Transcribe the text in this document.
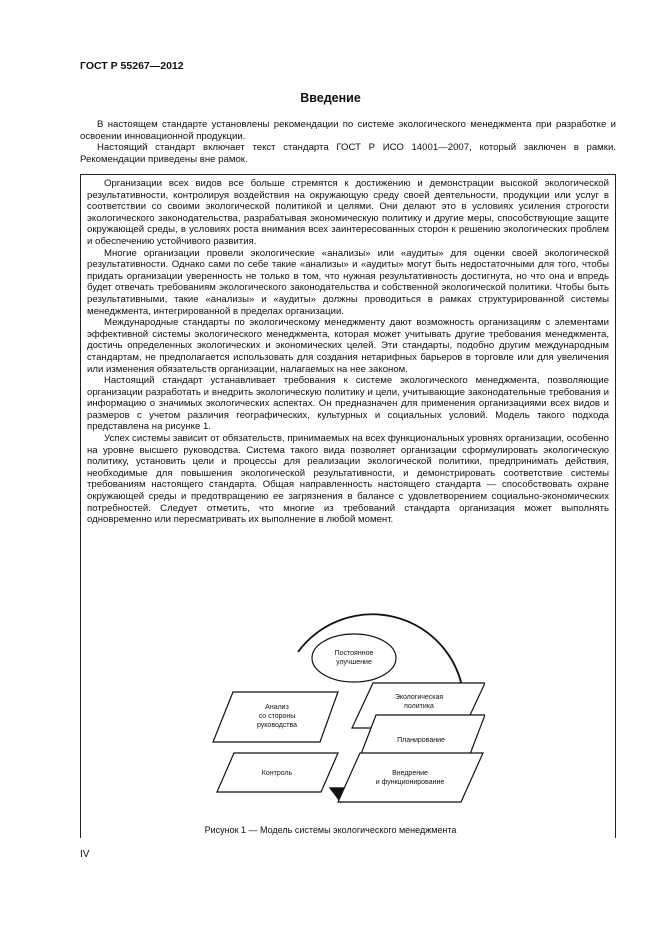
ГОСТ Р 55267—2012
Введение

В настоящем стандарте установлены рекомендации по системе экологического менеджмента при разработке и освоении инновационной продукции.

Настоящий стандарт включает текст стандарта ГОСТ Р ИСО 14001—2007, который заключен в рамки. Рекомендации приведены вне рамок.

Организации всех видов все больше стремятся к достижению и демонстрации высокой экологической результативности, контролируя воздействия на окружающую среду своей деятельности, продукции или услуг в соответствии со своими экологической политикой и целями. Они делают это в условиях усиления строгости экологического законодательства, разрабатывая экономическую политику и другие меры, способствующие защите окружающей среды, в условиях роста внимания всех заинтересованных сторон к решению экологических проблем и обеспечению устойчивого развития.

Многие организации провели экологические «анализы» или «аудиты» для оценки своей экологической результативности. Однако сами по себе такие «анализы» и «аудиты» могут быть недостаточными для того, чтобы придать организации уверенность не только в том, что нужная результативность достигнута, но что она и впредь будет отвечать требованиям экологического законодательства и собственной экологической политики. Чтобы быть результативными, такие «анализы» и «аудиты» должны проводиться в рамках структурированной системы менеджмента, интегрированной в пределах организации.

Международные стандарты по экологическому менеджменту дают возможность организациям с элементами эффективной системы экологического менеджмента, которая может учитывать другие требования менеджмента, достичь определенных экологических и экономических целей. Эти стандарты, подобно другим международным стандартам, не предполагается использовать для создания нетарифных барьеров в торговле или для увеличения или изменения обязательств организации, налагаемых на нее законом.

Настоящий стандарт устанавливает требования к системе экологического менеджмента, позволяющие организации разработать и внедрить экологическую политику и цели, учитывающие законодательные требования и информацию о значимых экологических аспектах. Он предназначен для применения организациями всех видов и размеров с учетом различия географических, культурных и социальных условий. Модель такого подхода представлена на рисунке 1.

Успех системы зависит от обязательств, принимаемых на всех функциональных уровнях организации, особенно на уровне высшего руководства. Система такого вида позволяет организации сформулировать экологическую политику, установить цели и процессы для реализации экологической политики, предпринимать действия, необходимые для повышения экологической результативности, и демонстрировать соответствие системы требованиям настоящего стандарта. Общая направленность настоящего стандарта — способствовать охране окружающей среды и предотвращению ее загрязнения в балансе с удовлетворением социально-экономических потребностей. Следует отметить, что многие из требований стандарта организация может выполнять одновременно или пересматривать их выполнение в любой момент.

Постоянное
улучшение
Экологическая
политика
Планирование
Внедрение
и функционирование
Анализ
со стороны
руководства
Контроль
Рисунок 1 — Модель системы экологического менеджмента
IV
